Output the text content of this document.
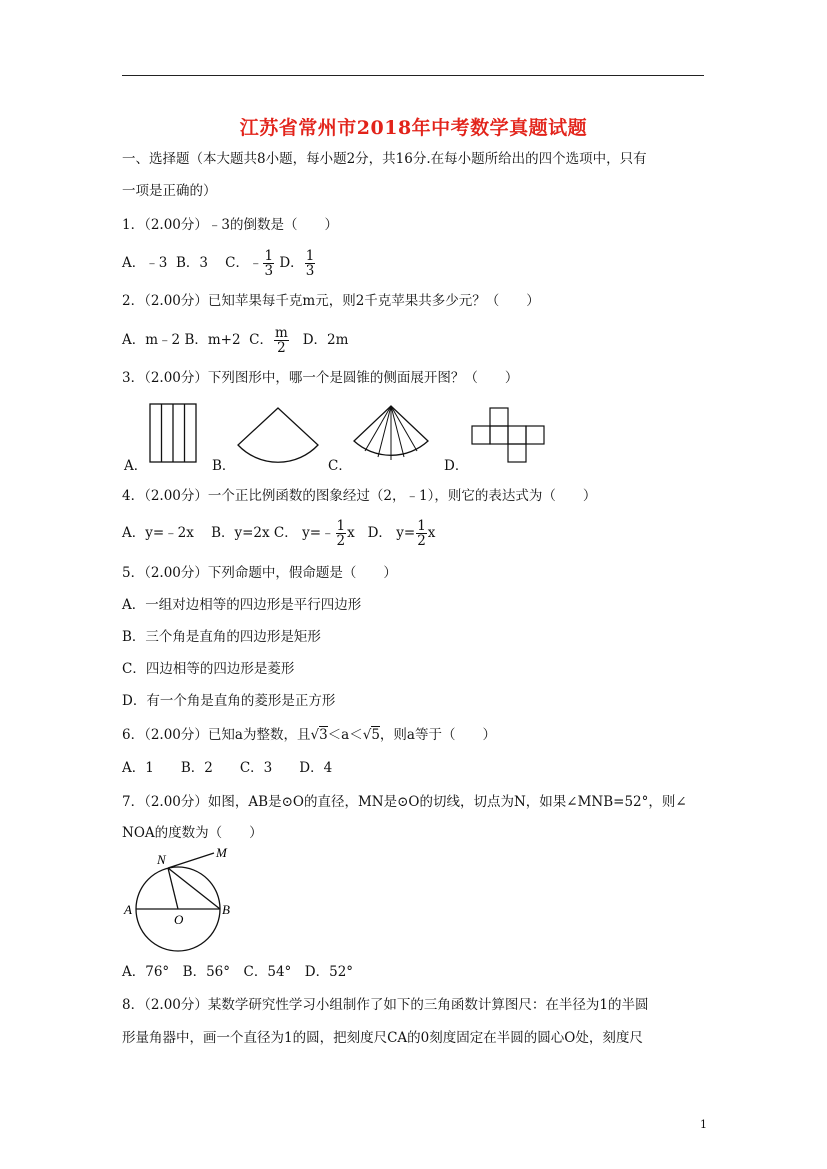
江苏省常州市2018年中考数学真题试题
一、选择题（本大题共8小题，每小题2分，共16分.在每小题所给出的四个选项中，只有
一项是正确的）
1．（2.00分）﹣3的倒数是（　　）
A．﹣3 B．3 C．﹣ $\frac{1}{3}$ D． $\frac{1}{3}$
2．（2.00分）已知苹果每千克m元，则2千克苹果共多少元？（　　）
A．m﹣2 B．m+2 C． $\frac{m}{2}$ D．2m
3．（2.00分）下列图形中，哪一个是圆锥的侧面展开图？（　　）
A．	B．	C．	D．
4．（2.00分）一个正比例函数的图象经过（2，﹣1），则它的表达式为（　　）
A．y=﹣2x B．y=2x C． y=﹣ $\frac{1}{2}$ x D． $y= \frac{1}{2}$ x
5．（2.00分）下列命题中，假命题是（　　）
A．一组对边相等的四边形是平行四边形
B．三个角是直角的四边形是矩形
C．四边相等的四边形是菱形
D．有一个角是直角的菱形是正方形
6．（2.00分）已知a为整数，且√3＜a＜√5，则a等于（　　）
A．1　　B．2　　C．3　　D．4
7．（2.00分）如图，AB是⊙O的直径，MN是⊙O的切线，切点为N，如果∠MNB=52°，则∠
NOA的度数为（　　）
N	M
A	B
O
A．76°　B．56°　C．54°　D．52°
8．（2.00分）某数学研究性学习小组制作了如下的三角函数计算图尺：在半径为1的半圆
形量角器中，画一个直径为1的圆，把刻度尺CA的0刻度固定在半圆的圆心O处，刻度尺
1
